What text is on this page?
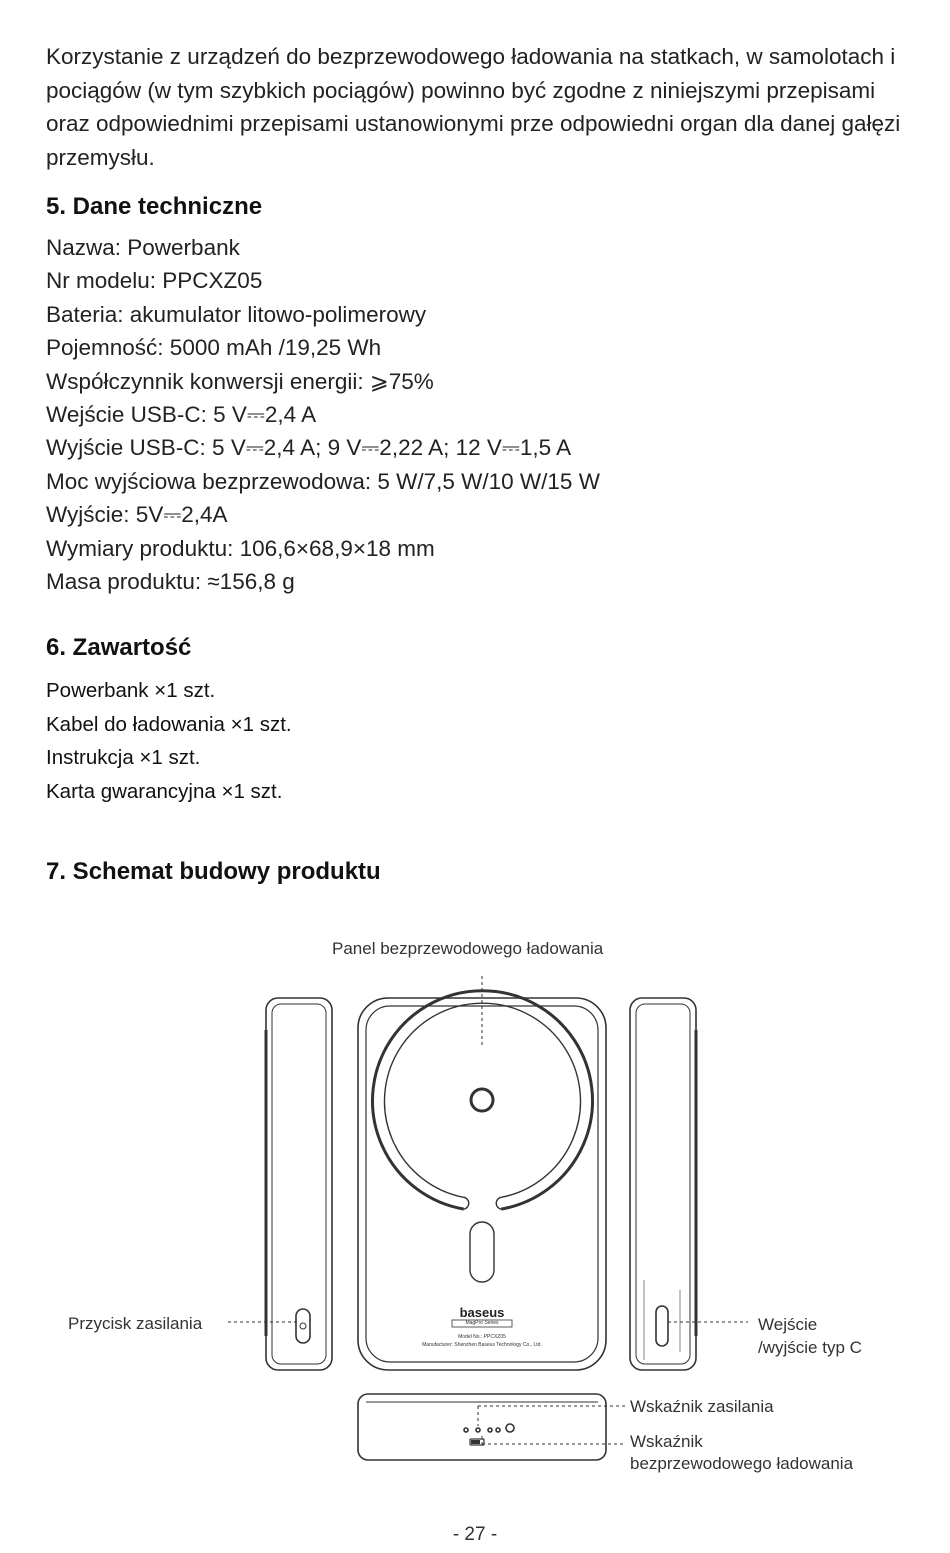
Korzystanie z urządzeń do bezprzewodowego ładowania na statkach, w samolotach i pociągów (w tym szybkich pociągów) powinno być zgodne z niniejszymi przepisami oraz odpowiednimi przepisami ustanowionymi prze odpowiedni organ dla danej gałęzi przemysłu.

5. Dane techniczne
Nazwa: Powerbank
Nr modelu: PPCXZ05
Bateria: akumulator litowo-polimerowy
Pojemność: 5000 mAh /19,25 Wh
Współczynnik konwersji energii: ⩾75%
Wejście USB-C: 5 V⎓2,4 A
Wyjście USB-C: 5 V⎓2,4 A; 9 V⎓2,22 A; 12 V⎓1,5 A
Moc wyjściowa bezprzewodowa: 5 W/7,5 W/10 W/15 W
Wyjście: 5V⎓2,4A
Wymiary produktu: 106,6×68,9×18 mm
Masa produktu: ≈156,8 g
6. Zawartość
Powerbank ×1 szt.
Kabel do ładowania ×1 szt.
Instrukcja ×1 szt.
Karta gwarancyjna ×1 szt.
7. Schemat budowy produktu
baseus
MagPro Series
Model No.: PPCXZ05
Manufacturer: Shenzhen Baseus Technology Co., Ltd.
Panel bezprzewodowego ładowania
Przycisk zasilania	Wejście
/wyjście typ C
Wskaźnik zasilania
Wskaźnik
bezprzewodowego ładowania
- 27 -
